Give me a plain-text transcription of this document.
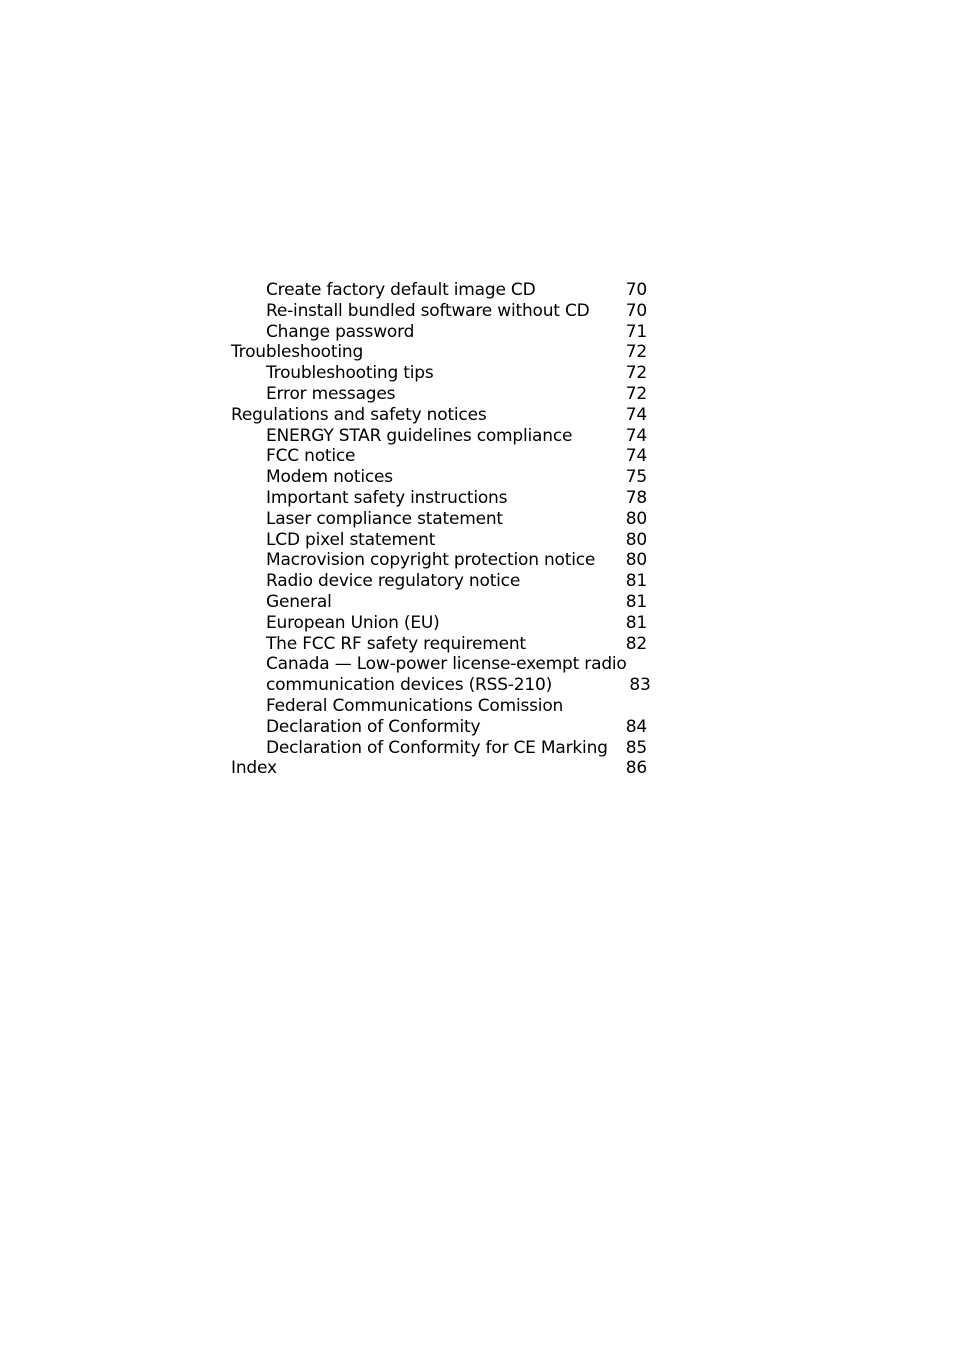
Create factory default image CD	70
Re-install bundled software without CD	70
Change password	71
Troubleshooting	72
Troubleshooting tips	72
Error messages	72
Regulations and safety notices	74
ENERGY STAR guidelines compliance	74
FCC notice	74
Modem notices	75
Important safety instructions	78
Laser compliance statement	80
LCD pixel statement	80
Macrovision copyright protection notice	80
Radio device regulatory notice	81
General	81
European Union (EU)	81
The FCC RF safety requirement	82
Canada — Low-power license-exempt radio
communication devices (RSS-210)	83
Federal Communications Comission
Declaration of Conformity	84
Declaration of Conformity for CE Marking	85
Index	86
